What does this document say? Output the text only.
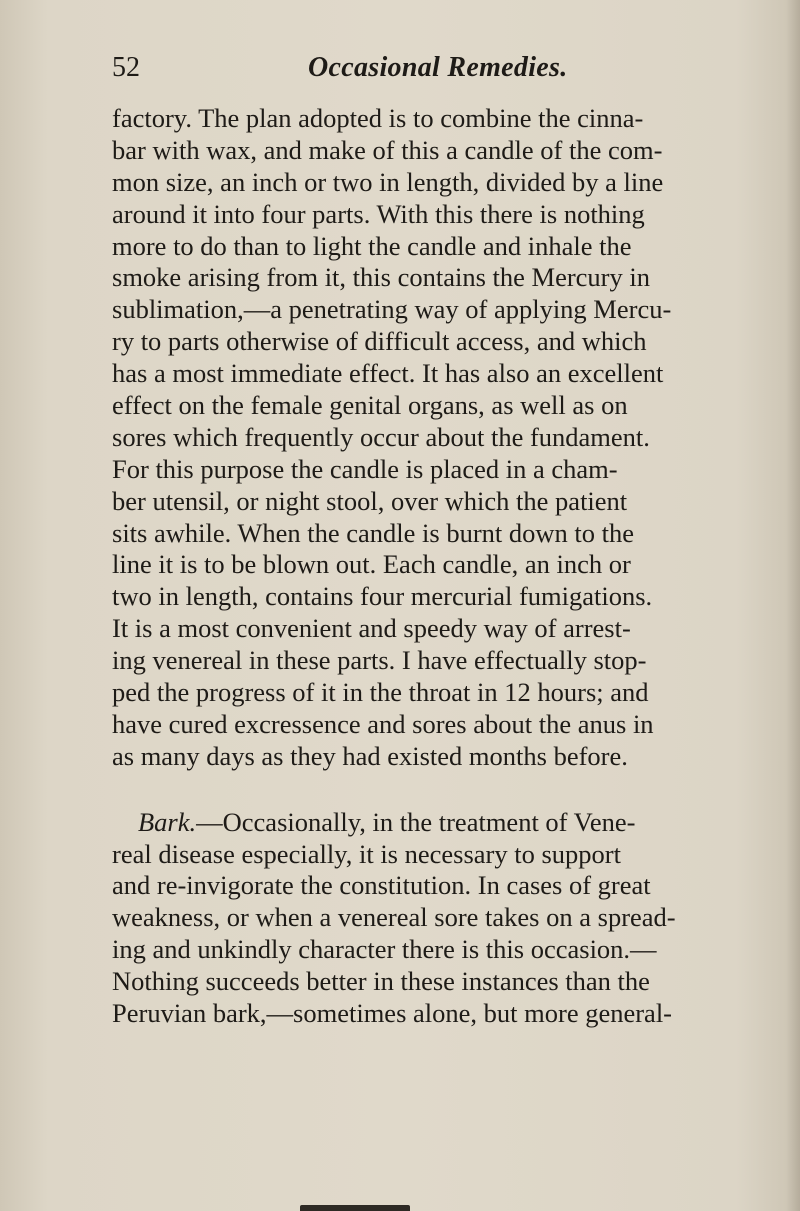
52	Occasional Remedies.

factory. The plan adopted is to combine the cinna-
bar with wax, and make of this a candle of the com-
mon size, an inch or two in length, divided by a line
around it into four parts. With this there is nothing
more to do than to light the candle and inhale the
smoke arising from it, this contains the Mercury in
sublimation,—a penetrating way of applying Mercu-
ry to parts otherwise of difficult access, and which
has a most immediate effect. It has also an excellent
effect on the female genital organs, as well as on
sores which frequently occur about the fundament.
For this purpose the candle is placed in a cham-
ber utensil, or night stool, over which the patient
sits awhile. When the candle is burnt down to the
line it is to be blown out. Each candle, an inch or
two in length, contains four mercurial fumigations.
It is a most convenient and speedy way of arrest-
ing venereal in these parts. I have effectually stop-
ped the progress of it in the throat in 12 hours; and
have cured excressence and sores about the anus in
as many days as they had existed months before.

Bark.—Occasionally, in the treatment of Vene-
real disease especially, it is necessary to support
and re-invigorate the constitution. In cases of great
weakness, or when a venereal sore takes on a spread-
ing and unkindly character there is this occasion.—
Nothing succeeds better in these instances than the
Peruvian bark,—sometimes alone, but more general-
